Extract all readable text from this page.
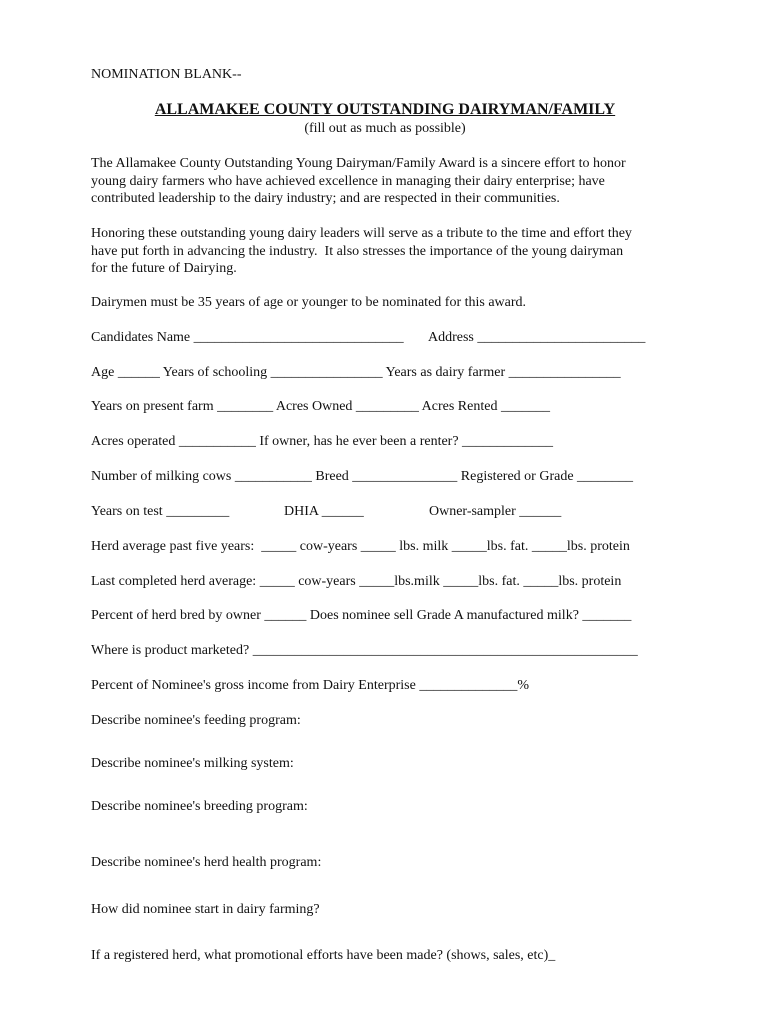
NOMINATION BLANK--
ALLAMAKEE COUNTY OUTSTANDING DAIRYMAN/FAMILY
(fill out as much as possible)
The Allamakee County Outstanding Young Dairyman/Family Award is a sincere effort to honor
young dairy farmers who have achieved excellence in managing their dairy enterprise; have
contributed leadership to the dairy industry; and are respected in their communities.
Honoring these outstanding young dairy leaders will serve as a tribute to the time and effort they
have put forth in advancing the industry.  It also stresses the importance of the young dairyman
for the future of Dairying.
Dairymen must be 35 years of age or younger to be nominated for this award.
Candidates Name ______________________________ Address ________________________
Age ______ Years of schooling ________________ Years as dairy farmer ________________
Years on present farm ________ Acres Owned _________ Acres Rented _______
Acres operated ___________ If owner, has he ever been a renter? _____________
Number of milking cows ___________ Breed _______________ Registered or Grade ________
Years on test _________	DHIA ______	Owner-sampler ______
Herd average past five years:  _____ cow-years _____ lbs. milk _____lbs. fat. _____lbs. protein
Last completed herd average: _____ cow-years _____lbs.milk _____lbs. fat. _____lbs. protein
Percent of herd bred by owner ______ Does nominee sell Grade A manufactured milk? _______
Where is product marketed? _______________________________________________________
Percent of Nominee's gross income from Dairy Enterprise ______________%
Describe nominee's feeding program:
Describe nominee's milking system:
Describe nominee's breeding program:
Describe nominee's herd health program:
How did nominee start in dairy farming?
If a registered herd, what promotional efforts have been made? (shows, sales, etc)_
